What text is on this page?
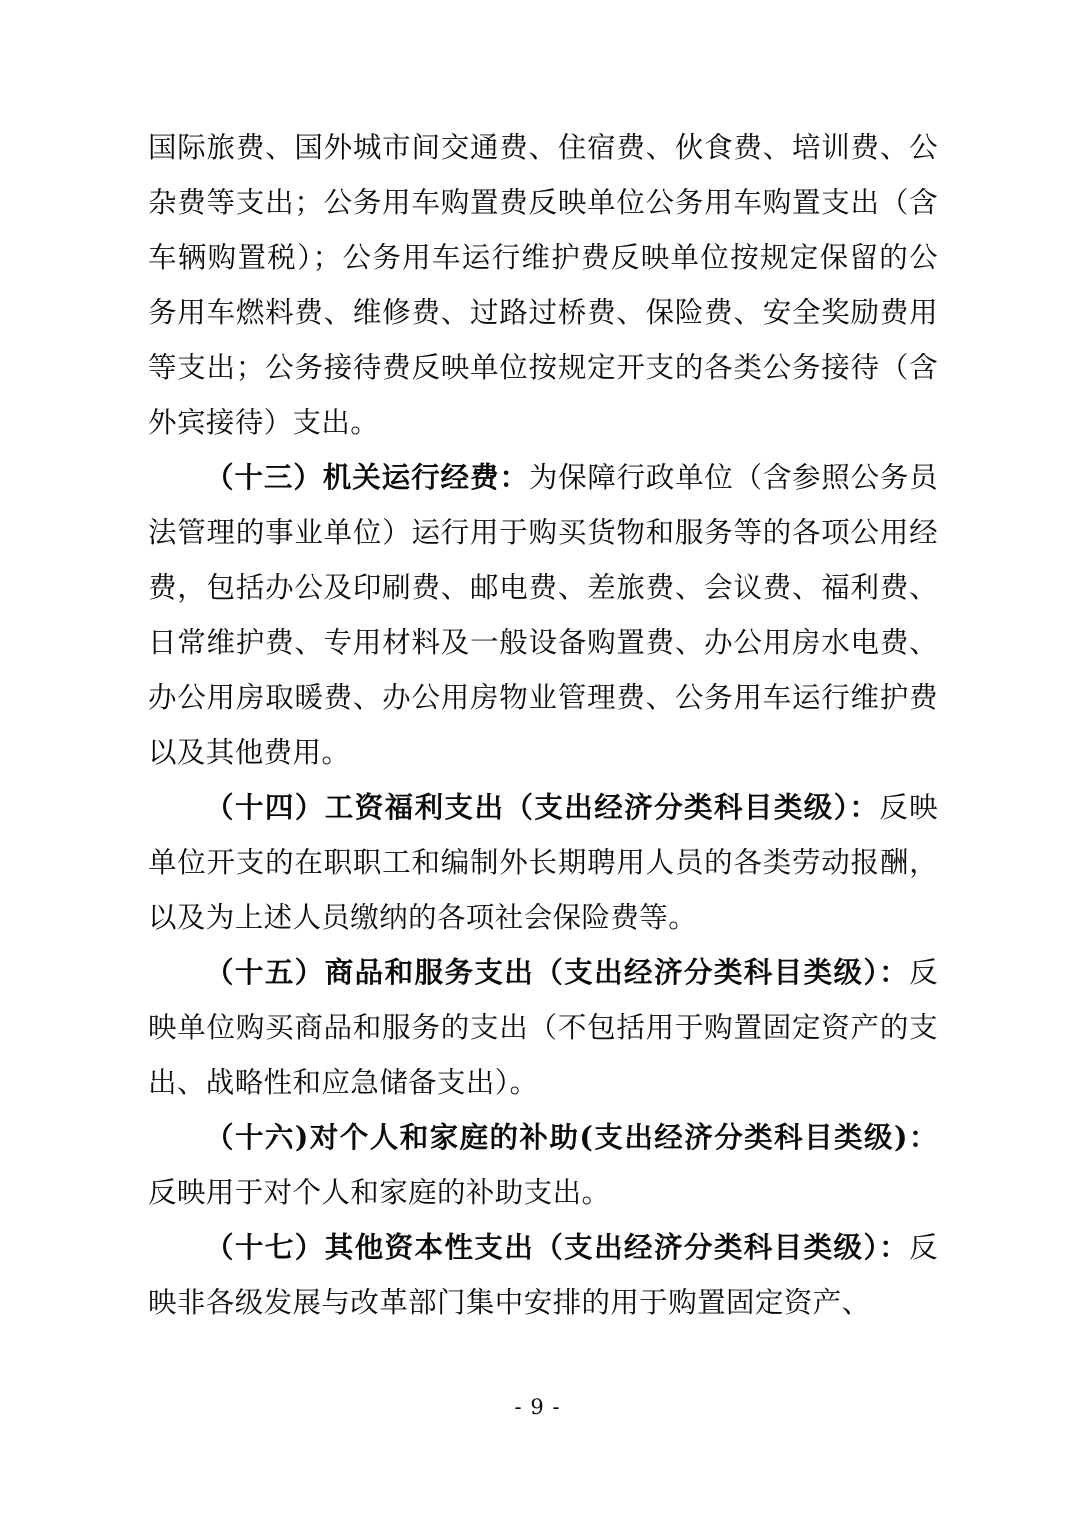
国际旅费、国外城市间交通费、住宿费、伙食费、培训费、公杂费等支出；公务用车购置费反映单位公务用车购置支出（含车辆购置税）；公务用车运行维护费反映单位按规定保留的公务用车燃料费、维修费、过路过桥费、保险费、安全奖励费用等支出；公务接待费反映单位按规定开支的各类公务接待（含外宾接待）支出。

（十三）机关运行经费：为保障行政单位（含参照公务员法管理的事业单位）运行用于购买货物和服务等的各项公用经费，包括办公及印刷费、邮电费、差旅费、会议费、福利费、日常维护费、专用材料及一般设备购置费、办公用房水电费、办公用房取暖费、办公用房物业管理费、公务用车运行维护费以及其他费用。

（十四）工资福利支出（支出经济分类科目类级）：反映单位开支的在职职工和编制外长期聘用人员的各类劳动报酬，以及为上述人员缴纳的各项社会保险费等。

（十五）商品和服务支出（支出经济分类科目类级）：反映单位购买商品和服务的支出（不包括用于购置固定资产的支出、战略性和应急储备支出）。

（十六)对个人和家庭的补助(支出经济分类科目类级)：反映用于对个人和家庭的补助支出。

（十七）其他资本性支出（支出经济分类科目类级）：反映非各级发展与改革部门集中安排的用于购置固定资产、

- 9 -
